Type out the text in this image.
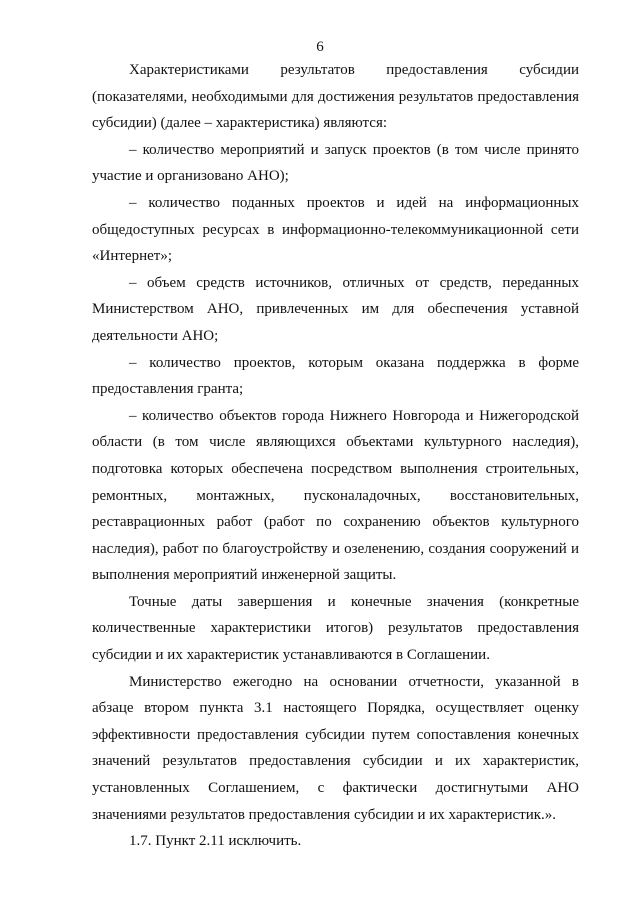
6

Характеристиками результатов предоставления субсидии (показателями, необходимыми для достижения результатов предоставления субсидии) (далее – характеристика) являются:

– количество мероприятий и запуск проектов (в том числе принято участие и организовано АНО);

– количество поданных проектов и идей на информационных общедоступных ресурсах в информационно-телекоммуникационной сети «Интернет»;

– объем средств источников, отличных от средств, переданных Министерством АНО, привлеченных им для обеспечения уставной деятельности АНО;

– количество проектов, которым оказана поддержка в форме предоставления гранта;

– количество объектов города Нижнего Новгорода и Нижегородской области (в том числе являющихся объектами культурного наследия), подготовка которых обеспечена посредством выполнения строительных, ремонтных, монтажных, пусконаладочных, восстановительных, реставрационных работ (работ по сохранению объектов культурного наследия), работ по благоустройству и озеленению, создания сооружений и выполнения мероприятий инженерной защиты.

Точные даты завершения и конечные значения (конкретные количественные характеристики итогов) результатов предоставления субсидии и их характеристик устанавливаются в Соглашении.

Министерство ежегодно на основании отчетности, указанной в абзаце втором пункта 3.1 настоящего Порядка, осуществляет оценку эффективности предоставления субсидии путем сопоставления конечных значений результатов предоставления субсидии и их характеристик, установленных Соглашением, с фактически достигнутыми АНО значениями результатов предоставления субсидии и их характеристик.».

1.7. Пункт 2.11 исключить.
